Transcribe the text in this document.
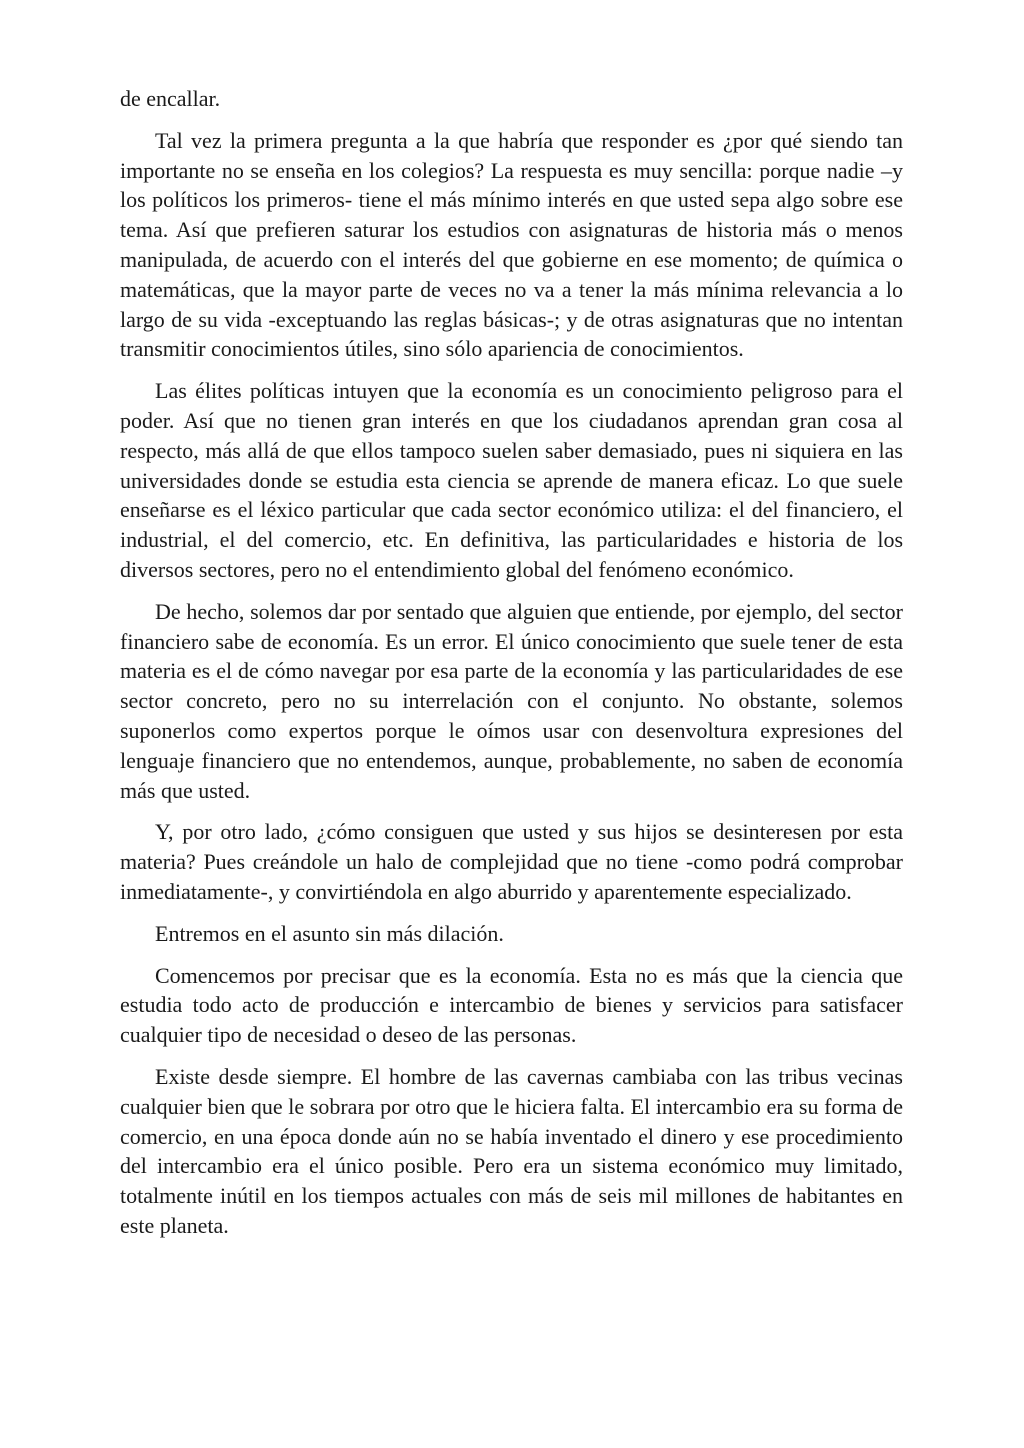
de encallar.

Tal vez la primera pregunta a la que habría que responder es ¿por qué siendo tan importante no se enseña en los colegios? La respuesta es muy sencilla: porque nadie –y los políticos los primeros- tiene el más mínimo interés en que usted sepa algo sobre ese tema. Así que prefieren saturar los estudios con asignaturas de historia más o menos manipulada, de acuerdo con el interés del que gobierne en ese momento; de química o matemáticas, que la mayor parte de veces no va a tener la más mínima relevancia a lo largo de su vida -exceptuando las reglas básicas-; y de otras asignaturas que no intentan transmitir conocimientos útiles, sino sólo apariencia de conocimientos.

Las élites políticas intuyen que la economía es un conocimiento peligroso para el poder. Así que no tienen gran interés en que los ciudadanos aprendan gran cosa al respecto, más allá de que ellos tampoco suelen saber demasiado, pues ni siquiera en las universidades donde se estudia esta ciencia se aprende de manera eficaz. Lo que suele enseñarse es el léxico particular que cada sector económico utiliza: el del financiero, el industrial, el del comercio, etc. En definitiva, las particularidades e historia de los diversos sectores, pero no el entendimiento global del fenómeno económico.

De hecho, solemos dar por sentado que alguien que entiende, por ejemplo, del sector financiero sabe de economía. Es un error. El único conocimiento que suele tener de esta materia es el de cómo navegar por esa parte de la economía y las particularidades de ese sector concreto, pero no su interrelación con el conjunto. No obstante, solemos suponerlos como expertos porque le oímos usar con desenvoltura expresiones del lenguaje financiero que no entendemos, aunque, probablemente, no saben de economía más que usted.

Y, por otro lado, ¿cómo consiguen que usted y sus hijos se desinteresen por esta materia? Pues creándole un halo de complejidad que no tiene -como podrá comprobar inmediatamente-, y convirtiéndola en algo aburrido y aparentemente especializado.

Entremos en el asunto sin más dilación.

Comencemos por precisar que es la economía. Esta no es más que la ciencia que estudia todo acto de producción e intercambio de bienes y servicios para satisfacer cualquier tipo de necesidad o deseo de las personas.

Existe desde siempre. El hombre de las cavernas cambiaba con las tribus vecinas cualquier bien que le sobrara por otro que le hiciera falta. El intercambio era su forma de comercio, en una época donde aún no se había inventado el dinero y ese procedimiento del intercambio era el único posible. Pero era un sistema económico muy limitado, totalmente inútil en los tiempos actuales con más de seis mil millones de habitantes en este planeta.
